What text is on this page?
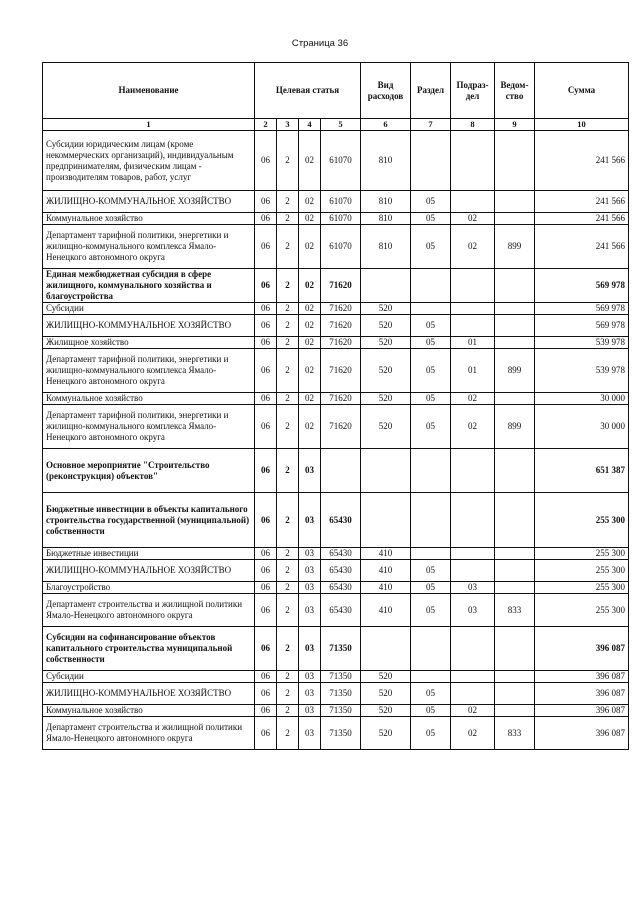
Страница 36
Наименование	Целевая статья				Вид расходов	Раздел	Подраз-дел	Ведом-ство	Сумма
1	2	3	4	5	6	7	8	9	10
Субсидии юридическим лицам (кроме некоммерческих организаций), индивидуальным предпринимателям, физическим лицам - производителям товаров, работ, услуг	06	2	02	61070	810				241 566
ЖИЛИЩНО-КОММУНАЛЬНОЕ ХОЗЯЙСТВО	06	2	02	61070	810	05			241 566
Коммунальное хозяйство	06	2	02	61070	810	05	02		241 566
Департамент тарифной политики, энергетики и жилищно-коммунального комплекса Ямало-Ненецкого автономного округа	06	2	02	61070	810	05	02	899	241 566
Единая межбюджетная субсидия в сфере жилищного, коммунального хозяйства и благоустройства	06	2	02	71620					569 978
Субсидии	06	2	02	71620	520				569 978
ЖИЛИЩНО-КОММУНАЛЬНОЕ ХОЗЯЙСТВО	06	2	02	71620	520	05			569 978
Жилищное хозяйство	06	2	02	71620	520	05	01		539 978
Департамент тарифной политики, энергетики и жилищно-коммунального комплекса Ямало-Ненецкого автономного округа	06	2	02	71620	520	05	01	899	539 978
Коммунальное хозяйство	06	2	02	71620	520	05	02		30 000
Департамент тарифной политики, энергетики и жилищно-коммунального комплекса Ямало-Ненецкого автономного округа	06	2	02	71620	520	05	02	899	30 000
Основное мероприятие "Строительство (реконструкция) объектов"	06	2	03						651 387
Бюджетные инвестиции в объекты капитального строительства государственной (муниципальной) собственности	06	2	03	65430					255 300
Бюджетные инвестиции	06	2	03	65430	410				255 300
ЖИЛИЩНО-КОММУНАЛЬНОЕ ХОЗЯЙСТВО	06	2	03	65430	410	05			255 300
Благоустройство	06	2	03	65430	410	05	03		255 300
Департамент строительства и жилищной политики Ямало-Ненецкого автономного округа	06	2	03	65430	410	05	03	833	255 300
Субсидии на софинансирование объектов капитального строительства муниципальной собственности	06	2	03	71350					396 087
Субсидии	06	2	03	71350	520				396 087
ЖИЛИЩНО-КОММУНАЛЬНОЕ ХОЗЯЙСТВО	06	2	03	71350	520	05			396 087
Коммунальное хозяйство	06	2	03	71350	520	05	02		396 087
Департамент строительства и жилищной политики Ямало-Ненецкого автономного округа	06	2	03	71350	520	05	02	833	396 087
